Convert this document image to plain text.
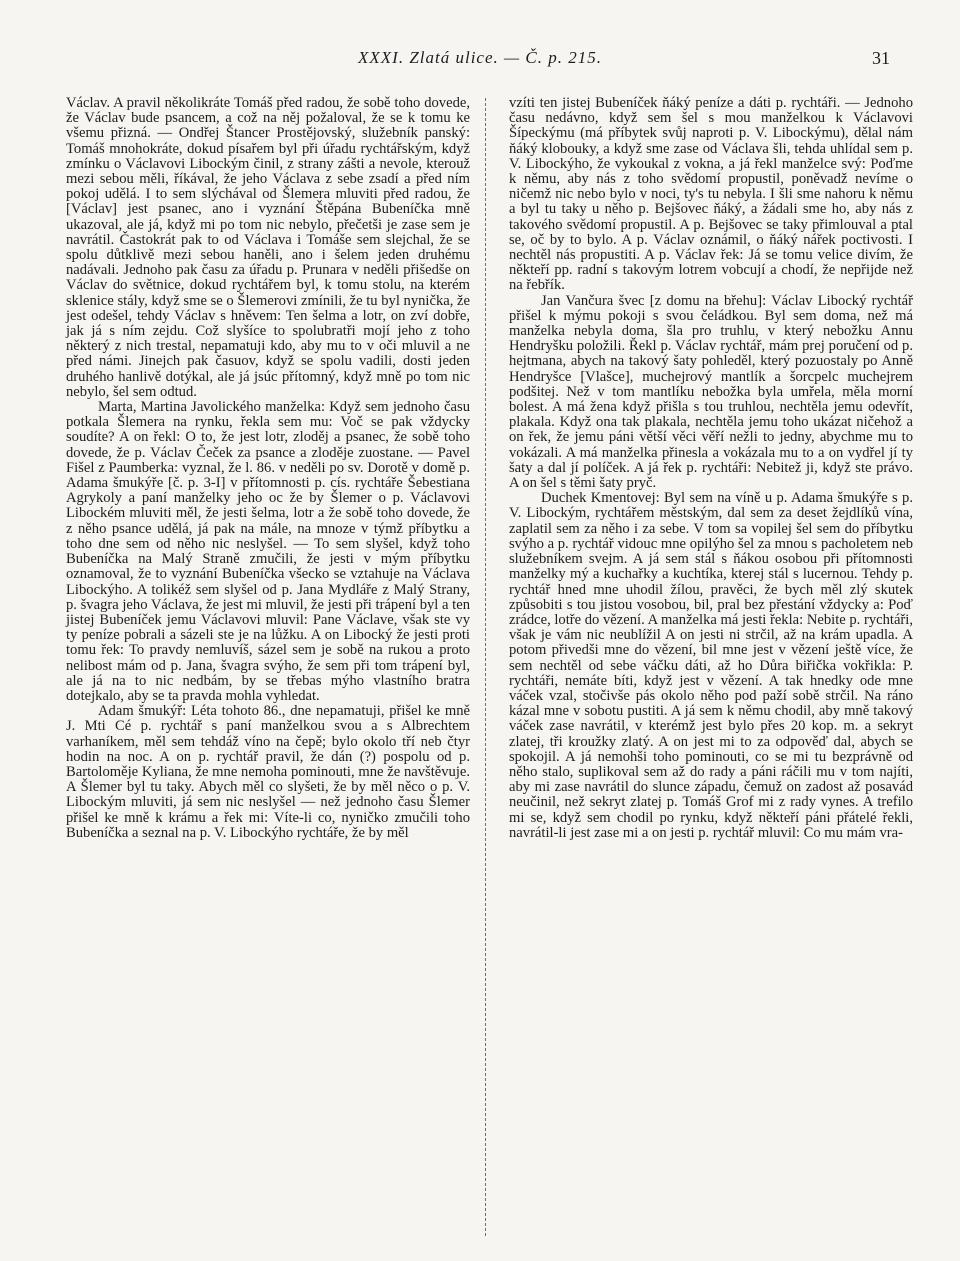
XXXI. Zlatá ulice. — Č. p. 215.	31

Václav. A pravil několikráte Tomáš před radou, že sobě toho dovede, že Václav bude psancem, a což na něj požaloval, že se k tomu ke všemu přizná. — Ondřej Štancer Prostějovský, služebník panský: Tomáš mnohokráte, dokud písařem byl při úřadu rychtářským, když zmínku o Václavovi Libockým činil, z strany zášti a nevole, kterouž mezi sebou měli, říkával, že jeho Václava z sebe zsadí a před ním pokoj udělá. I to sem slýchával od Šlemera mluviti před radou, že [Václav] jest psanec, ano i vyznání Štěpána Bubeníčka mně ukazoval, ale já, když mi po tom nic nebylo, přečetši je zase sem je navrátil. Častokrát pak to od Václava i Tomáše sem slejchal, že se spolu důtklivě mezi sebou haněli, ano i šelem jeden druhému nadávali. Jednoho pak času za úřadu p. Prunara v neděli přišedše on Václav do světnice, dokud rychtářem byl, k tomu stolu, na kterém sklenice stály, když sme se o Šlemerovi zmínili, že tu byl nynička, že jest odešel, tehdy Václav s hněvem: Ten šelma a lotr, on zví dobře, jak já s ním zejdu. Což slyšíce to spolubratři mojí jeho z toho některý z nich trestal, nepamatuji kdo, aby mu to v oči mluvil a ne před námi. Jinejch pak časuov, když se spolu vadili, dosti jeden druhého hanlivě dotýkal, ale já jsúc přítomný, když mně po tom nic nebylo, šel sem odtud.

Marta, Martina Javolického manželka: Když sem jednoho času potkala Šlemera na rynku, řekla sem mu: Voč se pak vždycky soudíte? A on řekl: O to, že jest lotr, zloděj a psanec, že sobě toho dovede, že p. Václav Čeček za psance a zloděje zuostane. — Pavel Fišel z Paumberka: vyznal, že l. 86. v neděli po sv. Dorotě v domě p. Adama šmukýře [č. p. 3-I] v přítomnosti p. cís. rychtáře Šebestiana Agrykoly a paní manželky jeho oc že by Šlemer o p. Václavovi Libockém mluviti měl, že jesti šelma, lotr a že sobě toho dovede, že z něho psance udělá, já pak na mále, na mnoze v týmž příbytku a toho dne sem od něho nic neslyšel. — To sem slyšel, když toho Bubeníčka na Malý Straně zmučili, že jesti v mým příbytku oznamoval, že to vyznání Bubeníčka všecko se vztahuje na Václava Libockýho. A tolikéž sem slyšel od p. Jana Mydláře z Malý Strany, p. švagra jeho Václava, že jest mi mluvil, že jesti při trápení byl a ten jistej Bubeníček jemu Václavovi mluvil: Pane Václave, však ste vy ty peníze pobrali a sázeli ste je na lůžku. A on Libocký že jesti proti tomu řek: To pravdy nemluvíš, sázel sem je sobě na rukou a proto nelibost mám od p. Jana, švagra svýho, že sem při tom trápení byl, ale já na to nic nedbám, by se třebas mýho vlastního bratra dotejkalo, aby se ta pravda mohla vyhledat.

Adam šmukýř: Léta tohoto 86., dne nepamatuji, přišel ke mně J. Mti Cé p. rychtář s paní manželkou svou a s Albrechtem varhaníkem, měl sem tehdáž víno na čepě; bylo okolo tří neb čtyr hodin na noc. A on p. rychtář pravil, že dán (?) pospolu od p. Bartoloměje Kyliana, že mne nemoha pominouti, mne že navštěvuje. A Šlemer byl tu taky. Abych měl co slyšeti, že by měl něco o p. V. Libockým mluviti, já sem nic neslyšel — než jednoho času Šlemer přišel ke mně k krámu a řek mi: Víte-li co, nyničko zmučili toho Bubeníčka a seznal na p. V. Libockýho rychtáře, že by měl

vzíti ten jistej Bubeníček ňáký peníze a dáti p. rychtáři. — Jednoho času nedávno, když sem šel s mou manželkou k Václavovi Šípeckýmu (má příbytek svůj naproti p. V. Libockýmu), dělal nám ňáký klobouky, a když sme zase od Václava šli, tehda uhlídal sem p. V. Libockýho, že vykoukal z vokna, a já řekl manželce svý: Poďme k němu, aby nás z toho svědomí propustil, poněvadž nevíme o ničemž nic nebo bylo v noci, ty's tu nebyla. I šli sme nahoru k němu a byl tu taky u něho p. Bejšovec ňáký, a žádali sme ho, aby nás z takového svědomí propustil. A p. Bejšovec se taky přimlouval a ptal se, oč by to bylo. A p. Václav oznámil, o ňáký nářek poctivosti. I nechtěl nás propustiti. A p. Václav řek: Já se tomu velice divím, že někteří pp. radní s takovým lotrem vobcují a chodí, že nepřijde než na řebřík.

Jan Vančura švec [z domu na břehu]: Václav Libocký rychtář přišel k mýmu pokoji s svou čeládkou. Byl sem doma, než má manželka nebyla doma, šla pro truhlu, v který nebožku Annu Hendryšku položili. Řekl p. Václav rychtář, mám prej poručení od p. hejtmana, abych na takový šaty pohleděl, který pozuostaly po Anně Hendryšce [Vlašce], muchejrový mantlík a šorcpelc muchejrem podšitej. Než v tom mantlíku nebožka byla umřela, měla morní bolest. A má žena když přišla s tou truhlou, nechtěla jemu odevřít, plakala. Když ona tak plakala, nechtěla jemu toho ukázat ničehož a on řek, že jemu páni větší věci věří nežli to jedny, abychme mu to vokázali. A má manželka přinesla a vokázala mu to a on vydřel jí ty šaty a dal jí políček. A já řek p. rychtáři: Nebitež ji, když ste právo. A on šel s těmi šaty pryč.

Duchek Kmentovej: Byl sem na víně u p. Adama šmukýře s p. V. Libockým, rychtářem městským, dal sem za deset žejdlíků vína, zaplatil sem za něho i za sebe. V tom sa vopilej šel sem do příbytku svýho a p. rychtář vidouc mne opilýho šel za mnou s pacholetem neb služebníkem svejm. A já sem stál s ňákou osobou při přítomnosti manželky mý a kuchařky a kuchtíka, kterej stál s lucernou. Tehdy p. rychtář hned mne uhodil žílou, pravěci, že bych měl zlý skutek způsobiti s tou jistou vosobou, bil, pral bez přestání vždycky a: Poď zrádce, lotře do vězení. A manželka má jesti řekla: Nebite p. rychtáři, však je vám nic neublížil A on jesti ni strčil, až na krám upadla. A potom přivedši mne do vězení, bil mne jest v vězení ještě více, že sem nechtěl od sebe váčku dáti, až ho Důra biřička vokřikla: P. rychtáři, nemáte bíti, když jest v vězení. A tak hnedky ode mne váček vzal, stočivše pás okolo něho pod paží sobě strčil. Na ráno kázal mne v sobotu pustiti. A já sem k němu chodil, aby mně takový váček zase navrátil, v kterémž jest bylo přes 20 kop. m. a sekryt zlatej, tři kroužky zlatý. A on jest mi to za odpověď dal, abych se spokojil. A já nemohši toho pominouti, co se mi tu bezprávně od něho stalo, suplikoval sem až do rady a páni ráčili mu v tom najíti, aby mi zase navrátil do slunce západu, čemuž on zadost až posavád neučinil, než sekryt zlatej p. Tomáš Grof mi z rady vynes. A trefilo mi se, když sem chodil po rynku, když někteří páni přátelé řekli, navrátil-li jest zase mi a on jesti p. rychtář mluvil: Co mu mám vra-
